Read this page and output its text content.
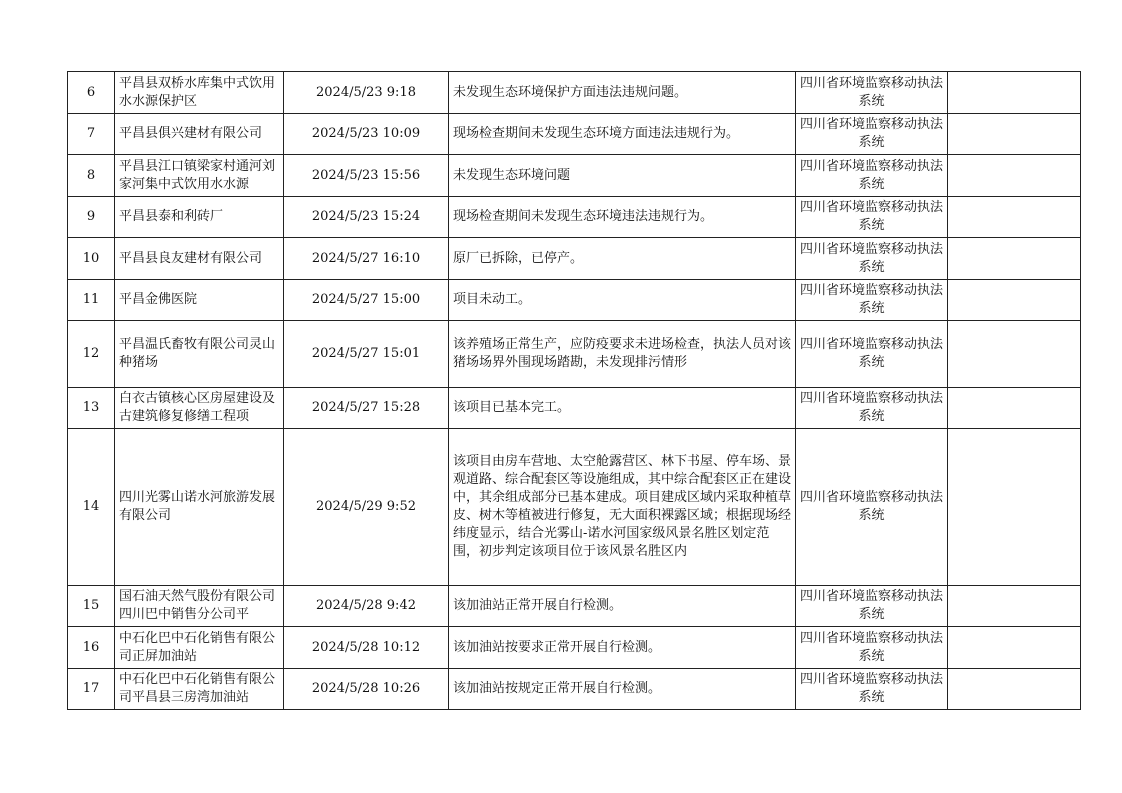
6	平昌县双桥水库集中式饮用水水源保护区	2024/5/23 9:18	未发现生态环境保护方面违法违规问题。	四川省环境监察移动执法系统	
7	平昌县俱兴建材有限公司	2024/5/23 10:09	现场检查期间未发现生态环境方面违法违规行为。	四川省环境监察移动执法系统	
8	平昌县江口镇梁家村通河刘家河集中式饮用水水源	2024/5/23 15:56	未发现生态环境问题	四川省环境监察移动执法系统	
9	平昌县泰和利砖厂	2024/5/23 15:24	现场检查期间未发现生态环境违法违规行为。	四川省环境监察移动执法系统	
10	平昌县良友建材有限公司	2024/5/27 16:10	原厂已拆除，已停产。	四川省环境监察移动执法系统	
11	平昌金佛医院	2024/5/27 15:00	项目未动工。	四川省环境监察移动执法系统	
12	平昌温氏畜牧有限公司灵山种猪场	2024/5/27 15:01	该养殖场正常生产，应防疫要求未进场检查，执法人员对该猪场场界外围现场踏勘，未发现排污情形	四川省环境监察移动执法系统	
13	白衣古镇核心区房屋建设及古建筑修复修缮工程项	2024/5/27 15:28	该项目已基本完工。	四川省环境监察移动执法系统	
14	四川光雾山诺水河旅游发展有限公司	2024/5/29 9:52	该项目由房车营地、太空舱露营区、林下书屋、停车场、景观道路、综合配套区等设施组成，其中综合配套区正在建设中，其余组成部分已基本建成。项目建成区域内采取种植草皮、树木等植被进行修复，无大面积裸露区域；根据现场经纬度显示，结合光雾山-诺水河国家级风景名胜区划定范围，初步判定该项目位于该风景名胜区内	四川省环境监察移动执法系统	
15	国石油天然气股份有限公司四川巴中销售分公司平	2024/5/28 9:42	该加油站正常开展自行检测。	四川省环境监察移动执法系统	
16	中石化巴中石化销售有限公司正屏加油站	2024/5/28 10:12	该加油站按要求正常开展自行检测。	四川省环境监察移动执法系统	
17	中石化巴中石化销售有限公司平昌县三房湾加油站	2024/5/28 10:26	该加油站按规定正常开展自行检测。	四川省环境监察移动执法系统	
